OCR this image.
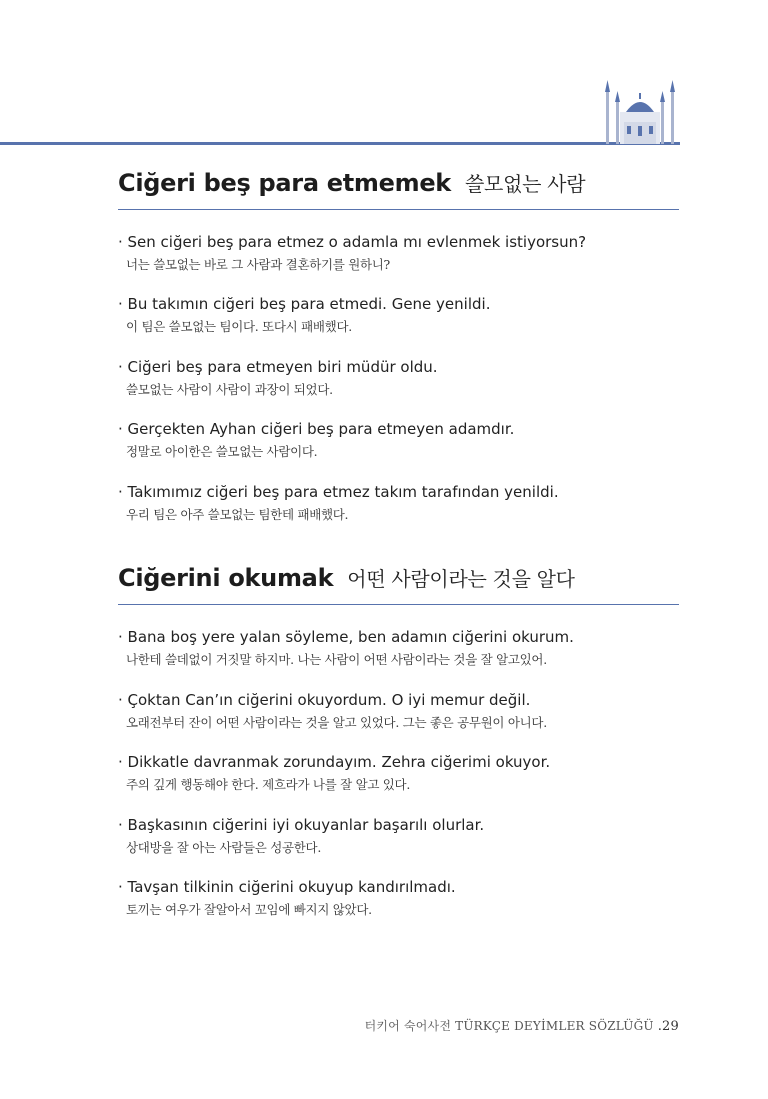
Ciğeri beş para etmemek 쓸모없는 사람
· Sen ciğeri beş para etmez o adamla mı evlenmek istiyorsun?
너는 쓸모없는 바로 그 사람과 결혼하기를 원하니?
· Bu takımın ciğeri beş para etmedi. Gene yenildi.
이 팀은 쓸모없는 팀이다. 또다시 패배했다.
· Ciğeri beş para etmeyen biri müdür oldu.
쓸모없는 사람이 사람이 과장이 되었다.
· Gerçekten Ayhan ciğeri beş para etmeyen adamdır.
정말로 아이한은 쓸모없는 사람이다.
· Takımımız ciğeri beş para etmez takım tarafından yenildi.
우리 팀은 아주 쓸모없는 팀한테 패배했다.
Ciğerini okumak 어떤 사람이라는 것을 알다
· Bana boş yere yalan söyleme, ben adamın ciğerini okurum.
나한테 쓸데없이 거짓말 하지마. 나는 사람이 어떤 사람이라는 것을 잘 알고있어.
· Çoktan Can’ın ciğerini okuyordum. O iyi memur değil.
오래전부터 잔이 어떤 사람이라는 것을 알고 있었다. 그는 좋은 공무원이 아니다.
· Dikkatle davranmak zorundayım. Zehra ciğerimi okuyor.
주의 깊게 행동해야 한다. 제흐라가 나를 잘 알고 있다.
· Başkasının ciğerini iyi okuyanlar başarılı olurlar.
상대방을 잘 아는 사람들은 성공한다.
· Tavşan tilkinin ciğerini okuyup kandırılmadı.
토끼는 여우가 잘알아서 꼬임에 빠지지 않았다.
터키어 숙어사전 TÜRKÇE DEYİMLER SÖZLÜĞÜ .29
